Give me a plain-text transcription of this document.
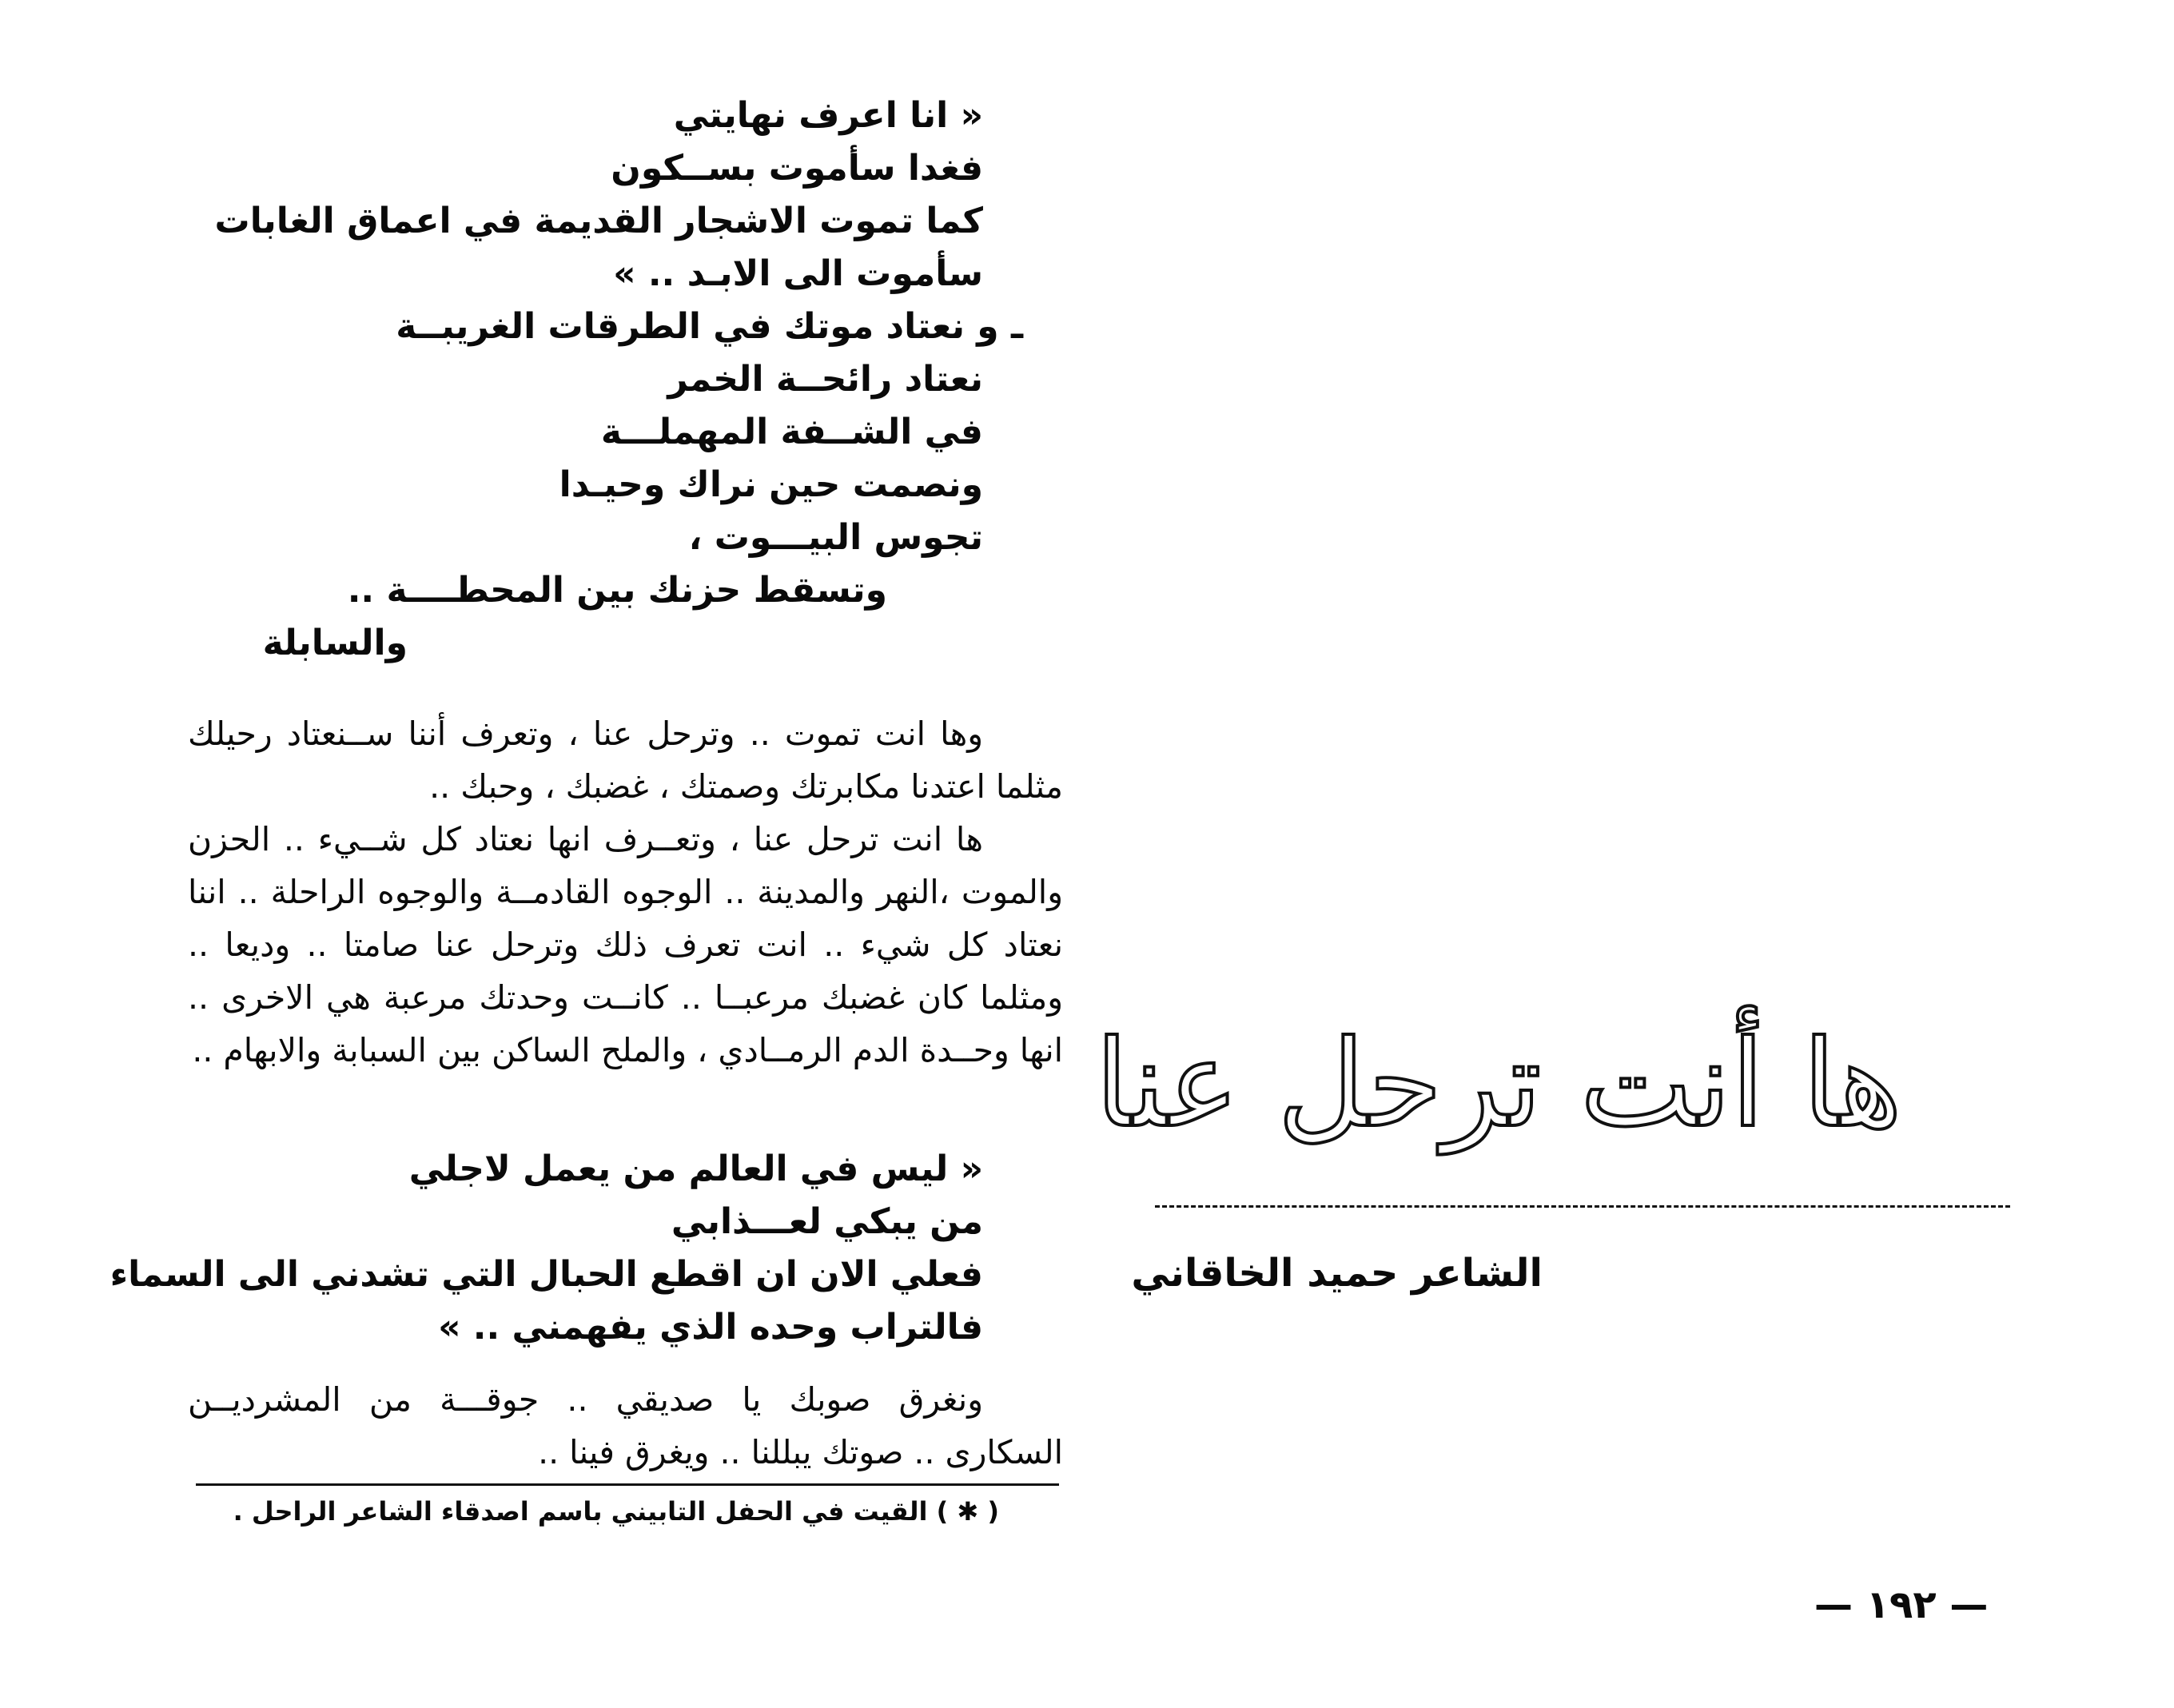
« انا اعرف نهايتي
فغدا سأموت بســكون
كما تموت الاشجار القديمة في اعماق الغابات
سأموت الى الابـد .. »
ـ و نعتاد موتك في الطرقات الغريبــة
نعتاد رائحــة الخمر
في الشــفة المهملـــة
ونصمت حين نراك وحيـدا
تجوس البيـــوت ،
وتسقط حزنك بين المحطــــة ..
والسابلة

وها انت تموت .. وترحل عنا ، وتعرف أننا ســنعتاد رحيلك مثلما اعتدنا مكابرتك وصمتك ، غضبك ، وحبك ..

ها انت ترحل عنا ، وتعــرف انها نعتاد كل شــيء .. الحزن والموت ،النهر والمدينة .. الوجوه القادمــة والوجوه الراحلة .. اننا نعتاد كل شيء .. انت تعرف ذلك وترحل عنا صامتا .. وديعا .. ومثلما كان غضبك مرعبــا .. كانــت وحدتك مرعبة هي الاخرى .. انها وحــدة الدم الرمــادي ، والملح الساكن بين السبابة والابهام ..

« ليس في العالم من يعمل لاجلي
من يبكي لعـــذابي
فعلي الان ان اقطع الحبال التي تشدني الى السماء
فالتراب وحده الذي يفهمني .. »

ونغرق صوبك يا صديقي .. جوقـــة من المشرديــن السكارى .. صوتك يبللنا .. ويغرق فينا ..

( ✱ ) القيت في الحفل التابيني باسم اصدقاء الشاعر الراحل .
ها أنت ترحل عنا
الشاعر حميد الخاقاني
— ١٩٢ —
